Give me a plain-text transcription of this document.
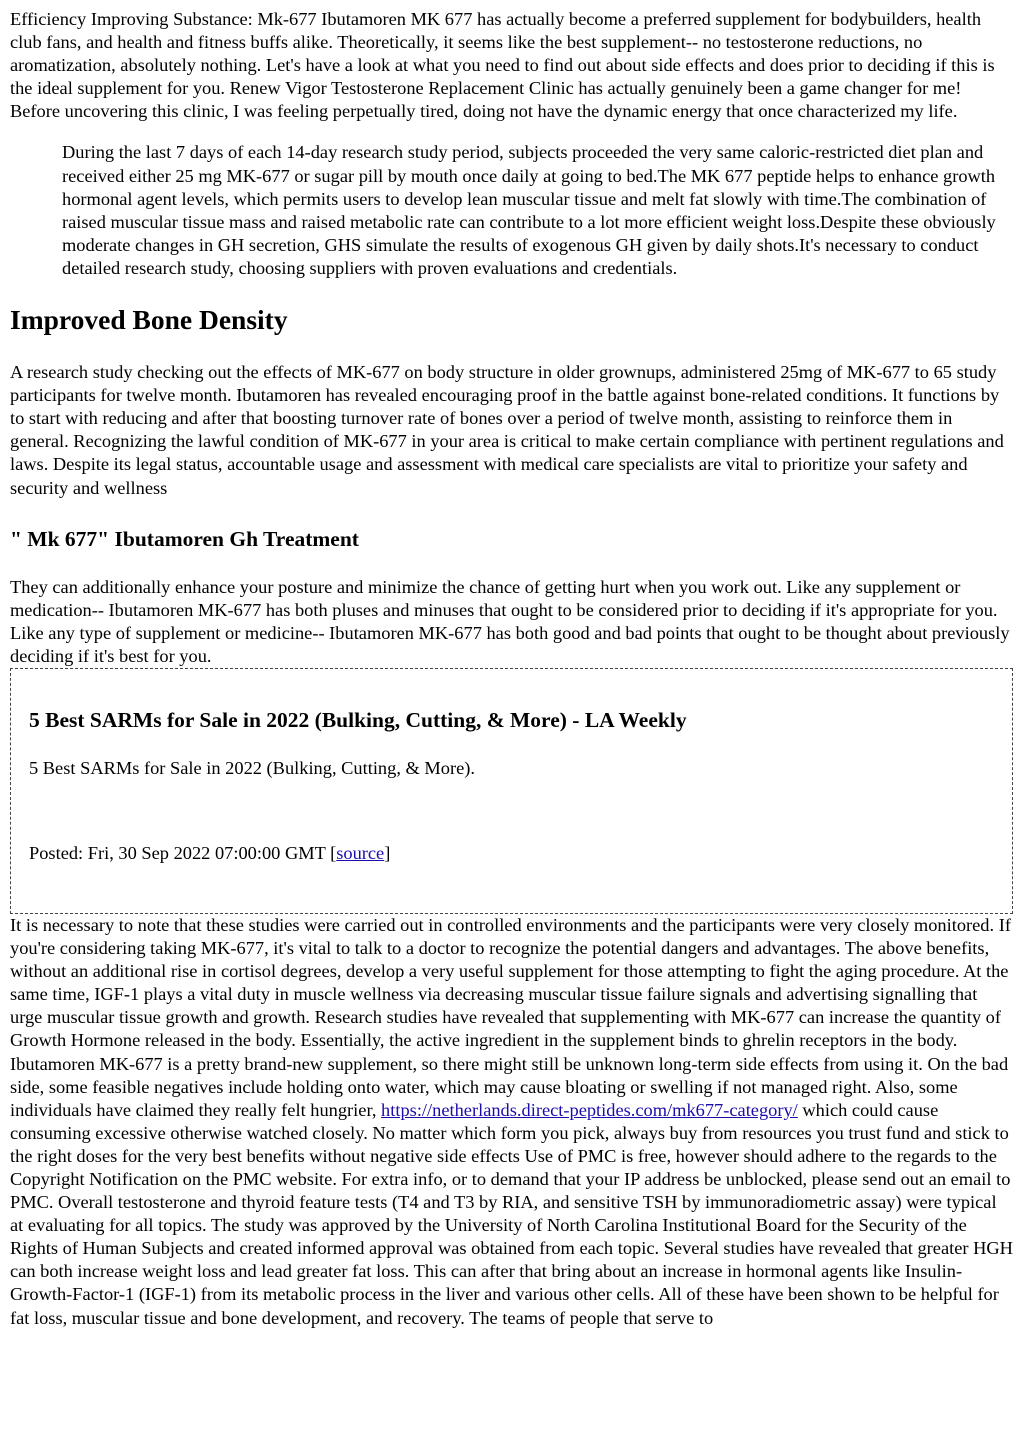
Efficiency Improving Substance: Mk-677 Ibutamoren MK 677 has actually become a preferred supplement for bodybuilders, health club fans, and health and fitness buffs alike. Theoretically, it seems like the best supplement-- no testosterone reductions, no aromatization, absolutely nothing. Let's have a look at what you need to find out about side effects and does prior to deciding if this is the ideal supplement for you. Renew Vigor Testosterone Replacement Clinic has actually genuinely been a game changer for me! Before uncovering this clinic, I was feeling perpetually tired, doing not have the dynamic energy that once characterized my life.

During the last 7 days of each 14-day research study period, subjects proceeded the very same caloric-restricted diet plan and received either 25 mg MK-677 or sugar pill by mouth once daily at going to bed.The MK 677 peptide helps to enhance growth hormonal agent levels, which permits users to develop lean muscular tissue and melt fat slowly with time.The combination of raised muscular tissue mass and raised metabolic rate can contribute to a lot more efficient weight loss.Despite these obviously moderate changes in GH secretion, GHS simulate the results of exogenous GH given by daily shots.It's necessary to conduct detailed research study, choosing suppliers with proven evaluations and credentials.

Improved Bone Density

A research study checking out the effects of MK-677 on body structure in older grownups, administered 25mg of MK-677 to 65 study participants for twelve month. Ibutamoren has revealed encouraging proof in the battle against bone-related conditions. It functions by to start with reducing and after that boosting turnover rate of bones over a period of twelve month, assisting to reinforce them in general. Recognizing the lawful condition of MK-677 in your area is critical to make certain compliance with pertinent regulations and laws. Despite its legal status, accountable usage and assessment with medical care specialists are vital to prioritize your safety and security and wellness

" Mk 677" Ibutamoren Gh Treatment

They can additionally enhance your posture and minimize the chance of getting hurt when you work out. Like any supplement or medication-- Ibutamoren MK-677 has both pluses and minuses that ought to be considered prior to deciding if it's appropriate for you. Like any type of supplement or medicine-- Ibutamoren MK-677 has both good and bad points that ought to be thought about previously deciding if it's best for you.

5 Best SARMs for Sale in 2022 (Bulking, Cutting, & More) - LA Weekly

5 Best SARMs for Sale in 2022 (Bulking, Cutting, & More).

Posted: Fri, 30 Sep 2022 07:00:00 GMT [source]

It is necessary to note that these studies were carried out in controlled environments and the participants were very closely monitored. If you're considering taking MK-677, it's vital to talk to a doctor to recognize the potential dangers and advantages. The above benefits, without an additional rise in cortisol degrees, develop a very useful supplement for those attempting to fight the aging procedure. At the same time, IGF-1 plays a vital duty in muscle wellness via decreasing muscular tissue failure signals and advertising signalling that urge muscular tissue growth and growth. Research studies have revealed that supplementing with MK-677 can increase the quantity of Growth Hormone released in the body. Essentially, the active ingredient in the supplement binds to ghrelin receptors in the body. Ibutamoren MK-677 is a pretty brand-new supplement, so there might still be unknown long-term side effects from using it. On the bad side, some feasible negatives include holding onto water, which may cause bloating or swelling if not managed right. Also, some individuals have claimed they really felt hungrier, https://netherlands.direct-peptides.com/mk677-category/ which could cause consuming excessive otherwise watched closely. No matter which form you pick, always buy from resources you trust fund and stick to the right doses for the very best benefits without negative side effects Use of PMC is free, however should adhere to the regards to the Copyright Notification on the PMC website. For extra info, or to demand that your IP address be unblocked, please send out an email to PMC. Overall testosterone and thyroid feature tests (T4 and T3 by RIA, and sensitive TSH by immunoradiometric assay) were typical at evaluating for all topics. The study was approved by the University of North Carolina Institutional Board for the Security of the Rights of Human Subjects and created informed approval was obtained from each topic. Several studies have revealed that greater HGH can both increase weight loss and lead greater fat loss. This can after that bring about an increase in hormonal agents like Insulin-Growth-Factor-1 (IGF-1) from its metabolic process in the liver and various other cells. All of these have been shown to be helpful for fat loss, muscular tissue and bone development, and recovery. The teams of people that serve to
